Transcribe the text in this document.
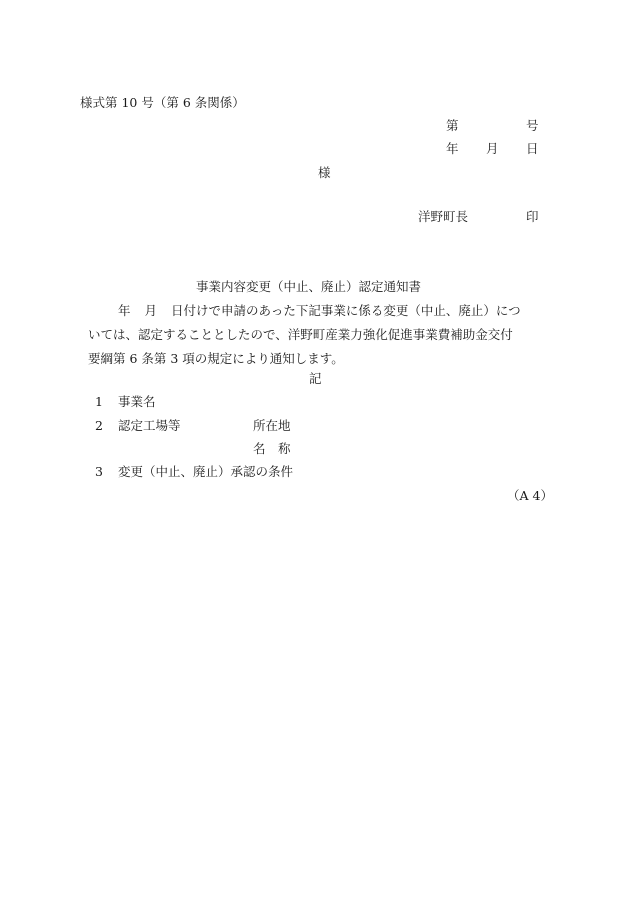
様式第 10 号（第 6 条関係）
第	号
年 月 日
様
洋野町長	印
事業内容変更（中止、廃止）認定通知書
年 月 日付けで申請のあった下記事業に係る変更（中止、廃止）につ
いては、認定することとしたので、洋野町産業力強化促進事業費補助金交付
要綱第 6 条第 3 項の規定により通知します。
記
1 事業名
2 認定工場等	所在地
名　称
3 変更（中止、廃止）承認の条件
（A 4）
